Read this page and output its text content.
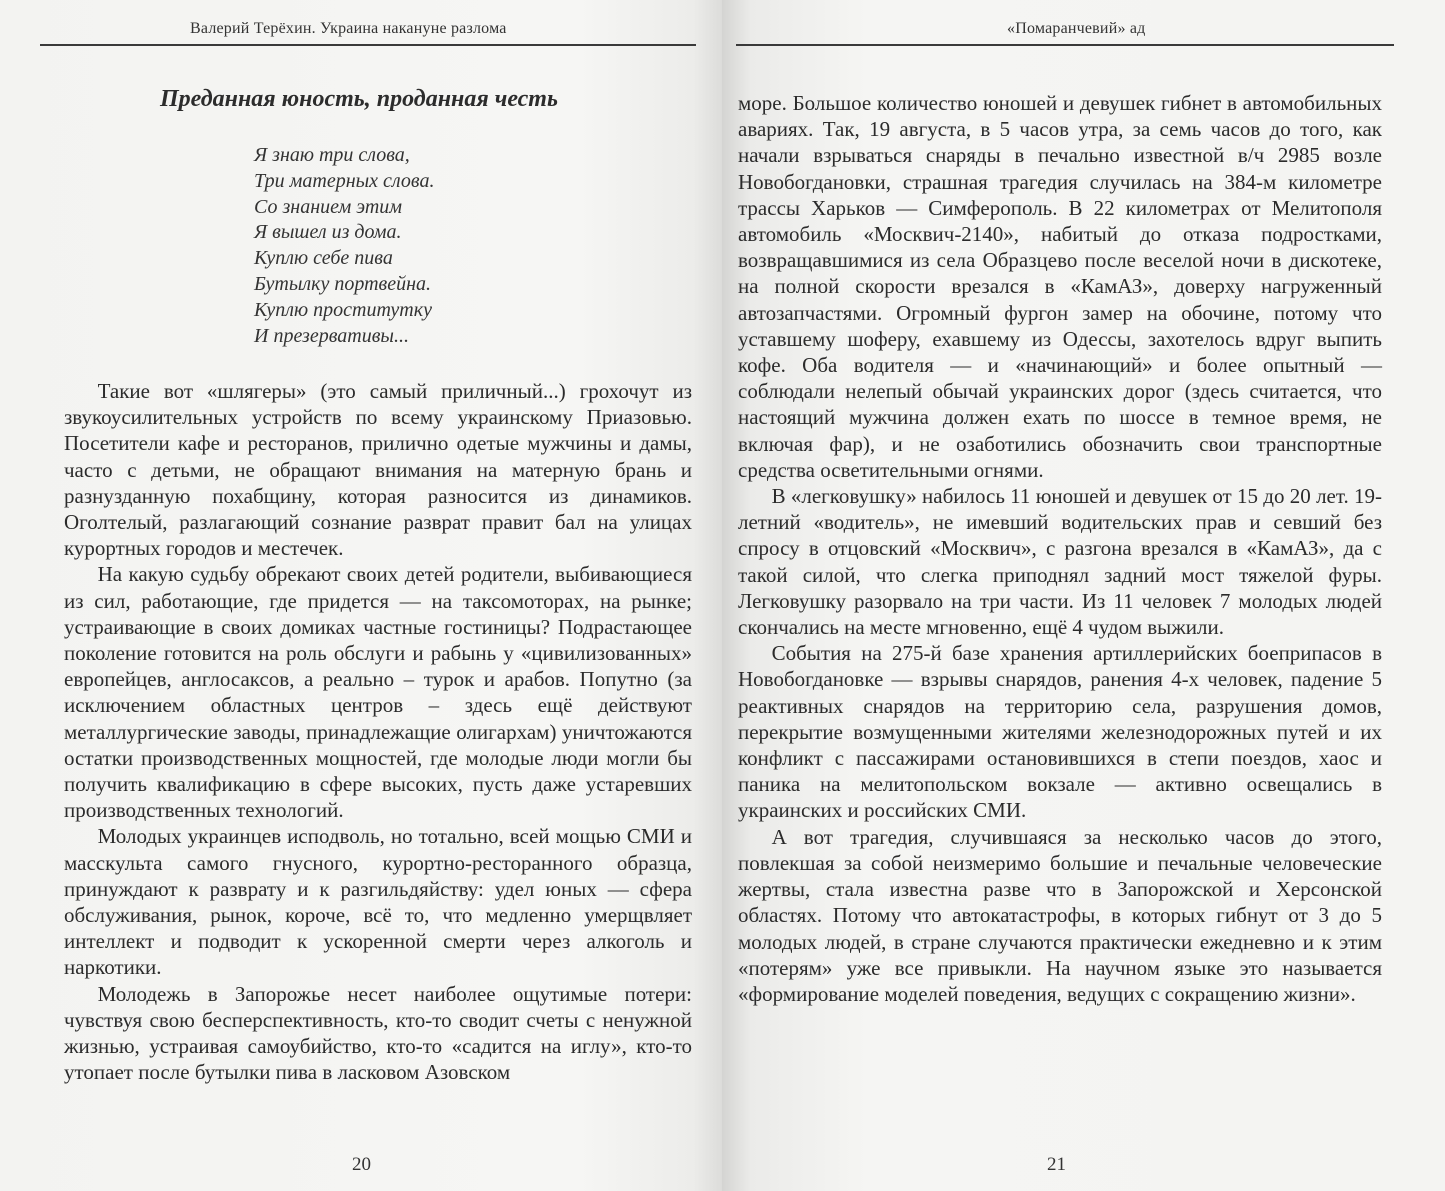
Валерий Терёхин. Украина накануне разлома
Преданная юность, проданная честь
Я знаю три слова,
Три матерных слова.
Со знанием этим
Я вышел из дома.
Куплю себе пива
Бутылку портвейна.
Куплю проститутку
И презервативы...

Такие вот «шлягеры» (это самый приличный...) грохочут из звукоусилительных устройств по всему украинскому Приазовью. Посетители кафе и ресторанов, прилично одетые мужчины и дамы, часто с детьми, не обращают внимания на матерную брань и разнузданную похабщину, которая разносится из динамиков. Оголтелый, разлагающий сознание разврат правит бал на улицах курортных городов и местечек.

На какую судьбу обрекают своих детей родители, выбивающиеся из сил, работающие, где придется — на таксомоторах, на рынке; устраивающие в своих домиках частные гостиницы? Подрастающее поколение готовится на роль обслуги и рабынь у «цивилизованных» европейцев, англосаксов, а реально – турок и арабов. Попутно (за исключением областных центров – здесь ещё действуют металлургические заводы, принадлежащие олигархам) уничтожаются остатки производственных мощностей, где молодые люди могли бы получить квалификацию в сфере высоких, пусть даже устаревших производственных технологий.

Молодых украинцев исподволь, но тотально, всей мощью СМИ и масскульта самого гнусного, курортно-ресторанного образца, принуждают к разврату и к разгильдяйству: удел юных — сфера обслуживания, рынок, короче, всё то, что медленно умерщвляет интеллект и подводит к ускоренной смерти через алкоголь и наркотики.

Молодежь в Запорожье несет наиболее ощутимые потери: чувствуя свою бесперспективность, кто-то сводит счеты с ненужной жизнью, устраивая самоубийство, кто-то «садится на иглу», кто-то утопает после бутылки пива в ласковом Азовском

20
«Помаранчевий» ад

море. Большое количество юношей и девушек гибнет в автомобильных авариях. Так, 19 августа, в 5 часов утра, за семь часов до того, как начали взрываться снаряды в печально известной в/ч 2985 возле Новобогдановки, страшная трагедия случилась на 384-м километре трассы Харьков — Симферополь. В 22 километрах от Мелитополя автомобиль «Москвич-2140», набитый до отказа подростками, возвращавшимися из села Образцево после веселой ночи в дискотеке, на полной скорости врезался в «КамАЗ», доверху нагруженный автозапчастями. Огромный фургон замер на обочине, потому что уставшему шоферу, ехавшему из Одессы, захотелось вдруг выпить кофе. Оба водителя — и «начинающий» и более опытный — соблюдали нелепый обычай украинских дорог (здесь считается, что настоящий мужчина должен ехать по шоссе в темное время, не включая фар), и не озаботились обозначить свои транспортные средства осветительными огнями.

В «легковушку» набилось 11 юношей и девушек от 15 до 20 лет. 19-летний «водитель», не имевший водительских прав и севший без спросу в отцовский «Москвич», с разгона врезался в «КамАЗ», да с такой силой, что слегка приподнял задний мост тяжелой фуры. Легковушку разорвало на три части. Из 11 человек 7 молодых людей скончались на месте мгновенно, ещё 4 чудом выжили.

События на 275-й базе хранения артиллерийских боеприпасов в Новобогдановке — взрывы снарядов, ранения 4-х человек, падение 5 реактивных снарядов на территорию села, разрушения домов, перекрытие возмущенными жителями железнодорожных путей и их конфликт с пассажирами остановившихся в степи поездов, хаос и паника на мелитопольском вокзале — активно освещались в украинских и российских СМИ.

А вот трагедия, случившаяся за несколько часов до этого, повлекшая за собой неизмеримо большие и печальные человеческие жертвы, стала известна разве что в Запорожской и Херсонской областях. Потому что автокатастрофы, в которых гибнут от 3 до 5 молодых людей, в стране случаются практически ежедневно и к этим «потерям» уже все привыкли. На научном языке это называется «формирование моделей поведения, ведущих с сокращению жизни».

21
